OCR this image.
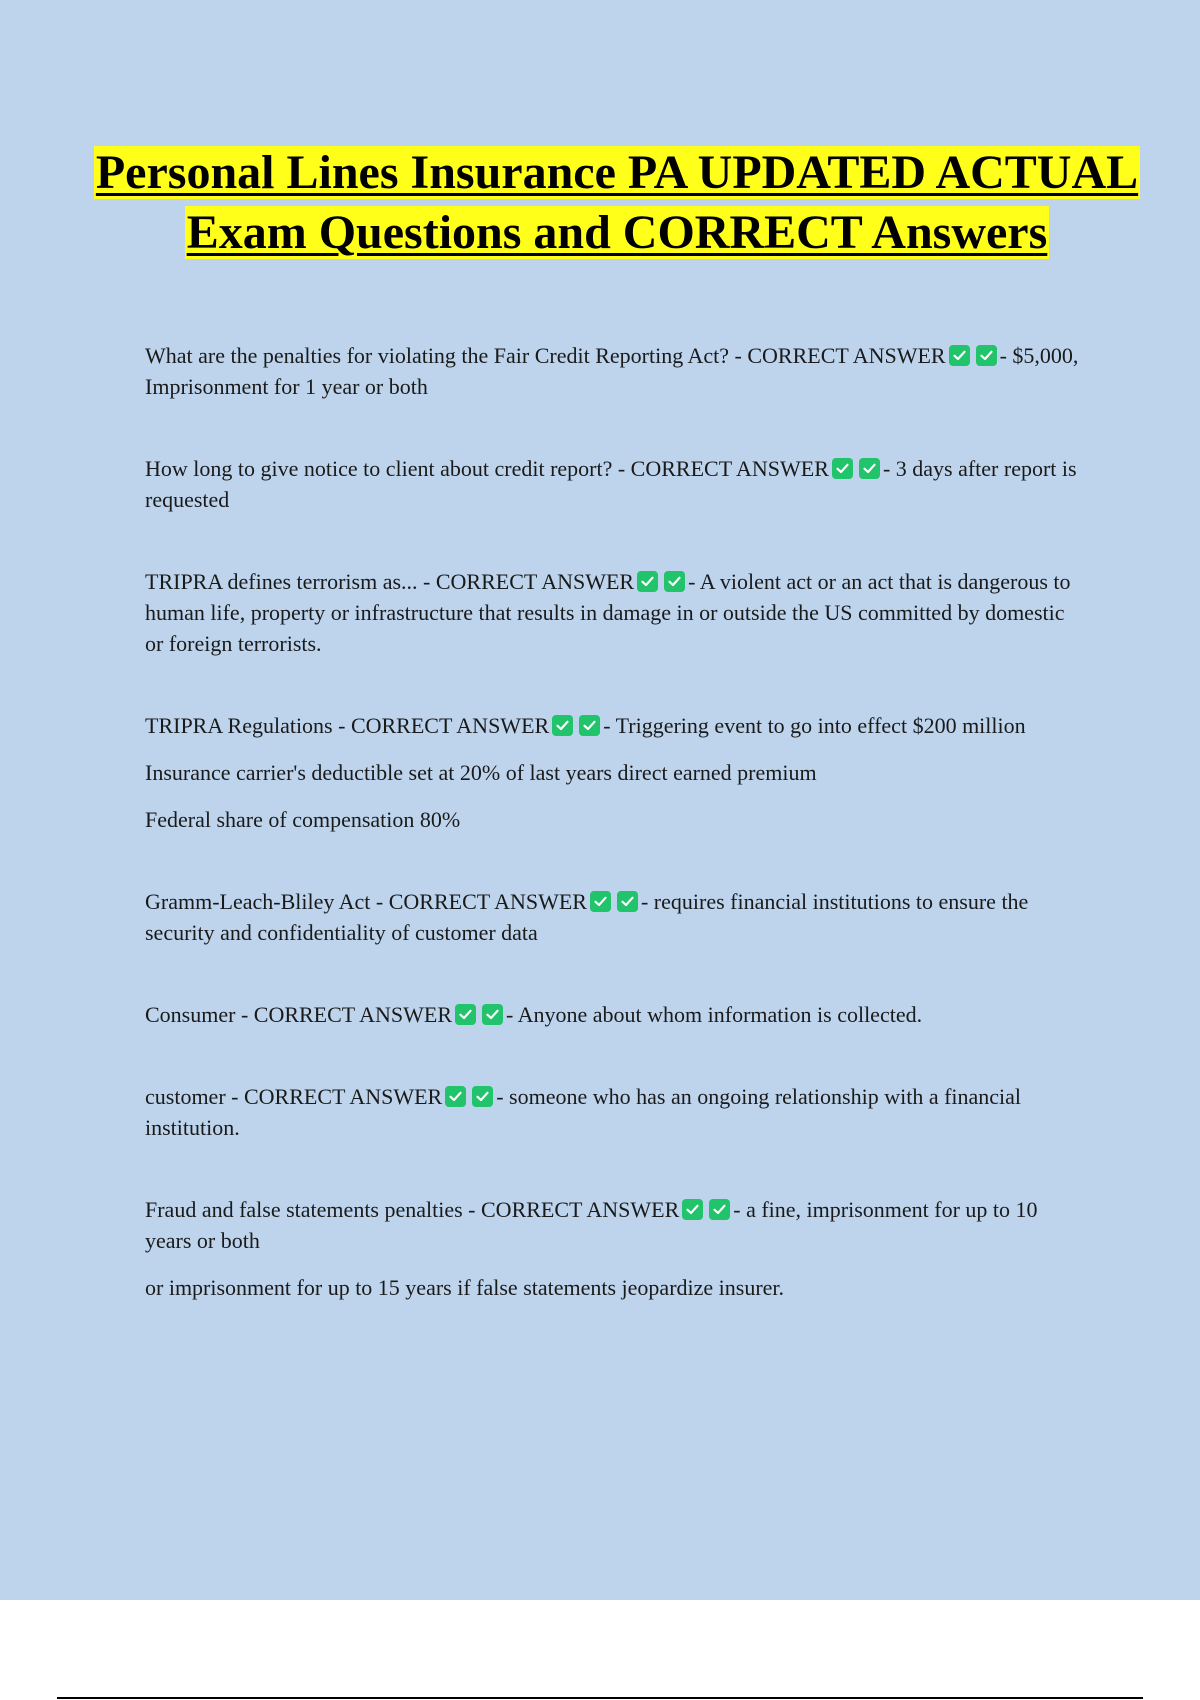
Personal Lines Insurance PA UPDATED ACTUAL Exam Questions and CORRECT Answers

What are the penalties for violating the Fair Credit Reporting Act? - CORRECT ANSWER - $5,000, Imprisonment for 1 year or both

How long to give notice to client about credit report? - CORRECT ANSWER - 3 days after report is requested

TRIPRA defines terrorism as... - CORRECT ANSWER - A violent act or an act that is dangerous to human life, property or infrastructure that results in damage in or outside the US committed by domestic or foreign terrorists.

TRIPRA Regulations - CORRECT ANSWER - Triggering event to go into effect $200 million

Insurance carrier's deductible set at 20% of last years direct earned premium

Federal share of compensation 80%

Gramm-Leach-Bliley Act - CORRECT ANSWER - requires financial institutions to ensure the security and confidentiality of customer data

Consumer - CORRECT ANSWER - Anyone about whom information is collected.

customer - CORRECT ANSWER - someone who has an ongoing relationship with a financial institution.

Fraud and false statements penalties - CORRECT ANSWER - a fine, imprisonment for up to 10 years or both

or imprisonment for up to 15 years if false statements jeopardize insurer.
